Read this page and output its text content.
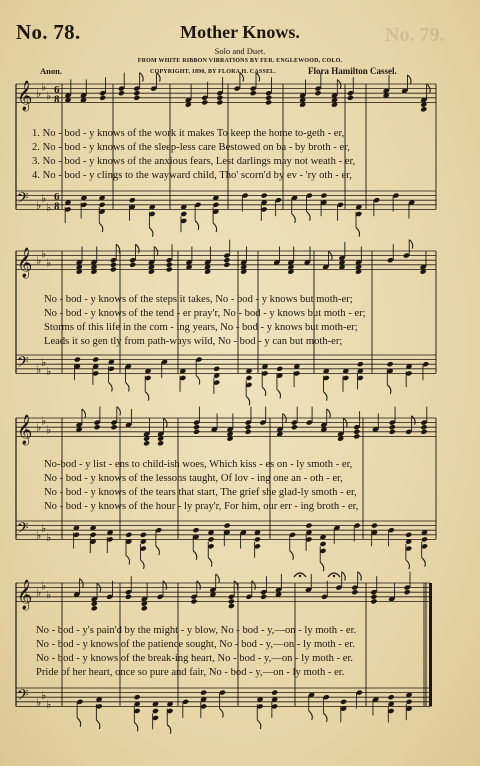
No. 79.
No. 78.	Mother Knows.
Solo and Duet.
FROM WHITE RIBBON VIBRATIONS BY FER. ENGLEWOOD, COLO.
Anon.	COPYRIGHT, 1890, BY FLORA H. CASSEL.	Flora Hamilton Cassel.
𝄞 ♭
♭
♭ 6
8
𝄢 ♭
♭
♭
6
8
𝄞 ♭
♭
♭
𝄢 ♭
♭
♭
𝄞 ♭
♭
♭
𝄢 ♭
♭
♭
𝄞 ♭
♭
♭
𝄢 ♭
♭
♭
1. No - bod - y knows of the work it makes To keep the home to-geth - er,
2. No - bod - y knows of the sleep-less care Bestowed on ba - by broth - er,
3. No - bod - y knows of the anxious fears, Lest darlings may not weath - er,
4. No - bod - y clings to the wayward child, Tho' scorn'd by ev - 'ry oth - er,
No - bod - y knows of the steps it takes, No - bod - y knows but moth-er;
No - bod - y knows of the tend - er pray'r, No - bod - y knows but moth - er;
Storms of this life in the com - ing years, No - bod - y knows but moth-er;
Leads it so gen tly from path-ways wild, No - bod - y can but moth-er;
No-bod - y list - ens to child-ish woes, Which kiss - es on - ly smoth - er,
No - bod - y knows of the lessons taught, Of lov - ing one an - oth - er,
No - bod - y knows of the tears that start, The grief she glad-ly smoth - er,
No - bod - y knows of the hour - ly pray'r, For him, our err - ing broth - er,
No - bod - y's pain'd by the might - y blow, No - bod - y,—on - ly moth - er.
No - bod - y knows of the patience sought, No - bod - y,—on - ly moth - er.
No - bod - y knows of the break-ing heart, No - bod - y,—on - ly moth - er.
Pride of her heart, once so pure and fair, No - bod - y,—on - ly moth - er.
